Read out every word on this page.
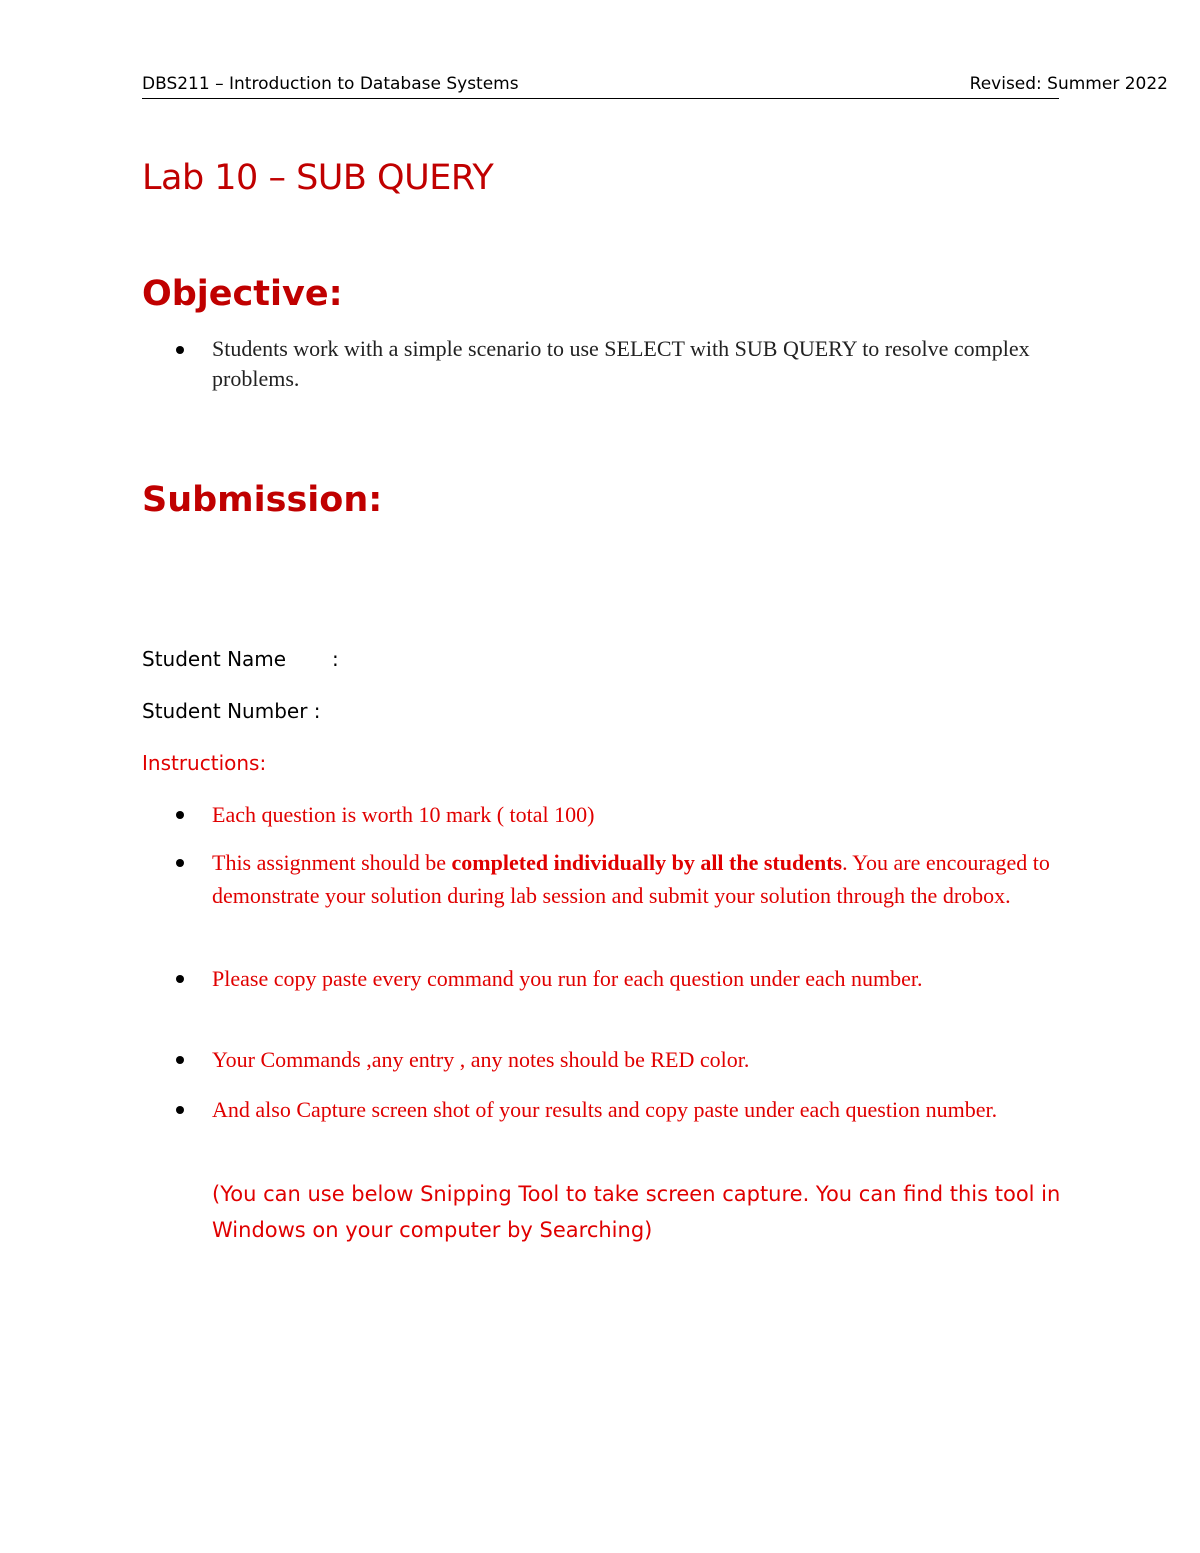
DBS211 – Introduction to Database Systems	Revised: Summer 2022
Lab 10 – SUB QUERY
Objective:
Students work with a simple scenario to use SELECT with SUB QUERY to resolve complex problems.
Submission:
Student Name :
Student Number :
Instructions:
Each question is worth 10 mark ( total 100)
This assignment should be completed individually by all the students. You are encouraged to demonstrate your solution during lab session and submit your solution through the drobox.
Please copy paste every command you run for each question under each number.
Your Commands ,any entry , any notes should be RED color.
And also Capture screen shot of your results and copy paste under each question number.
(You can use below Snipping Tool to take screen capture. You can find this tool in Windows on your computer by Searching)
